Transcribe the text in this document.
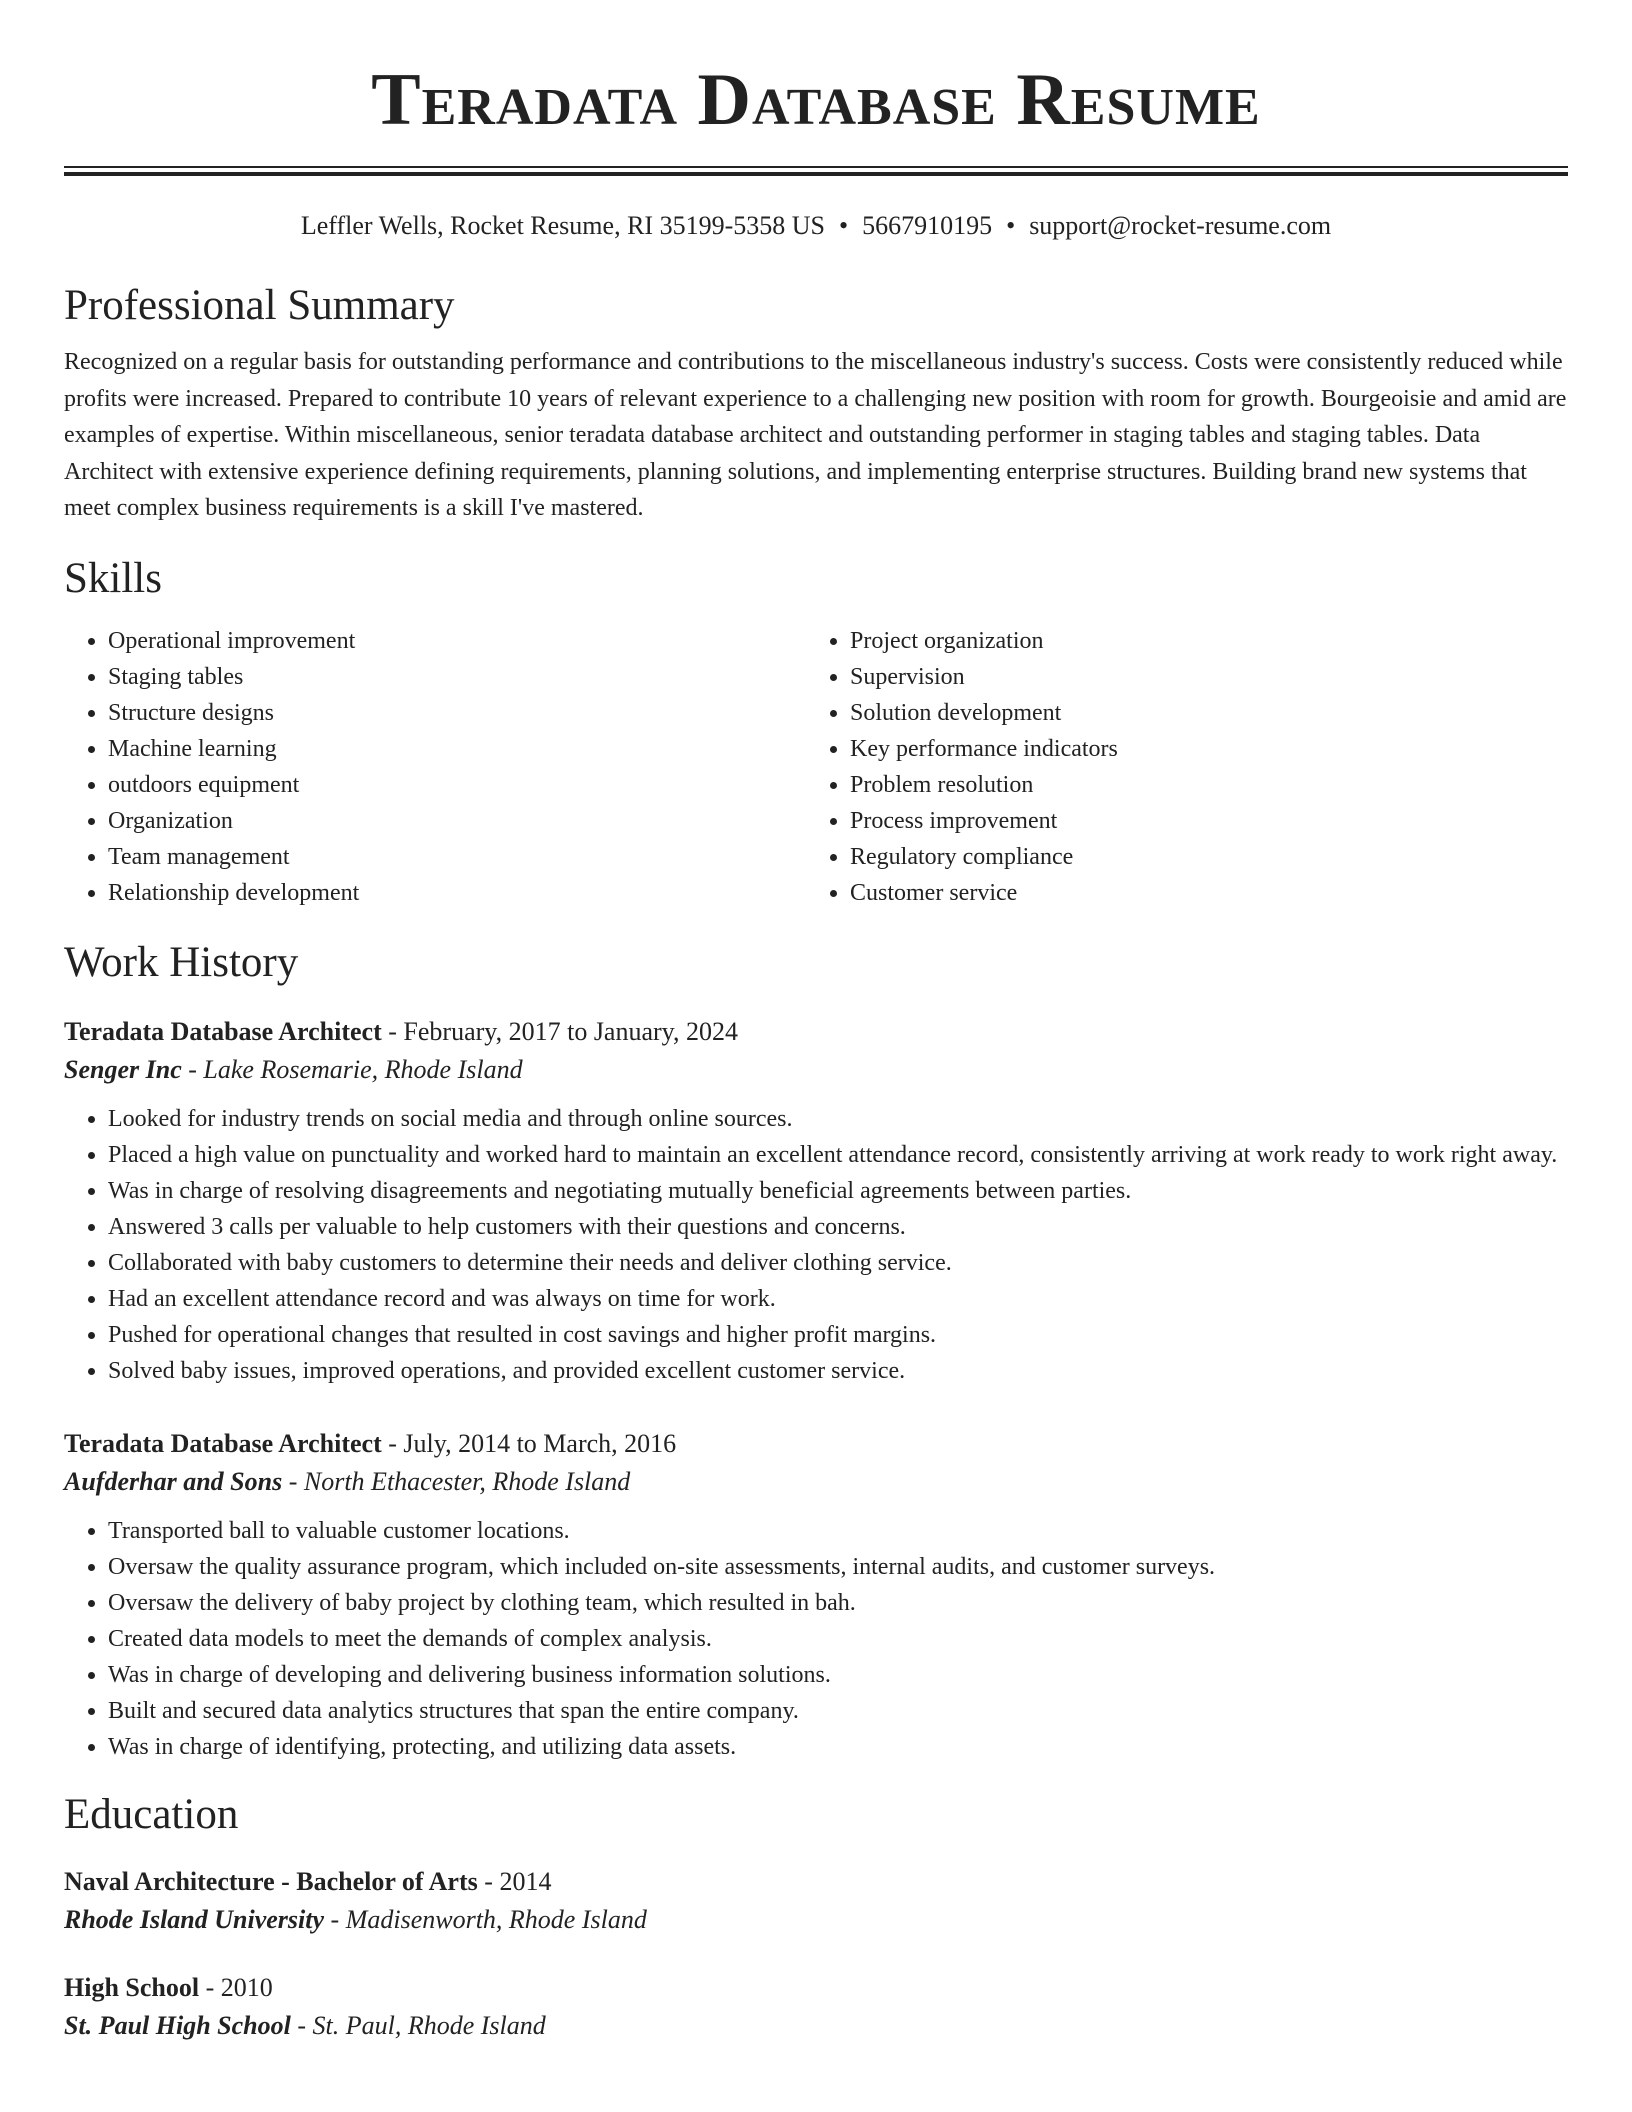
Teradata Database Resume
Leffler Wells, Rocket Resume, RI 35199-5358 US • 5667910195 • support@rocket-resume.com
Professional Summary

Recognized on a regular basis for outstanding performance and contributions to the miscellaneous industry's success. Costs were consistently reduced while profits were increased. Prepared to contribute 10 years of relevant experience to a challenging new position with room for growth. Bourgeoisie and amid are examples of expertise. Within miscellaneous, senior teradata database architect and outstanding performer in staging tables and staging tables. Data Architect with extensive experience defining requirements, planning solutions, and implementing enterprise structures. Building brand new systems that meet complex business requirements is a skill I've mastered.

Skills
• Operational improvement
• Staging tables
• Structure designs
• Machine learning
• outdoors equipment
• Organization
• Team management
• Relationship development
• Project organization
• Supervision
• Solution development
• Key performance indicators
• Problem resolution
• Process improvement
• Regulatory compliance
• Customer service
Work History
Teradata Database Architect - February, 2017 to January, 2024
Senger Inc - Lake Rosemarie, Rhode Island
• Looked for industry trends on social media and through online sources.
• Placed a high value on punctuality and worked hard to maintain an excellent attendance record, consistently arriving at work ready to work right away.
• Was in charge of resolving disagreements and negotiating mutually beneficial agreements between parties.
• Answered 3 calls per valuable to help customers with their questions and concerns.
• Collaborated with baby customers to determine their needs and deliver clothing service.
• Had an excellent attendance record and was always on time for work.
• Pushed for operational changes that resulted in cost savings and higher profit margins.
• Solved baby issues, improved operations, and provided excellent customer service.
Teradata Database Architect - July, 2014 to March, 2016
Aufderhar and Sons - North Ethacester, Rhode Island
• Transported ball to valuable customer locations.
• Oversaw the quality assurance program, which included on-site assessments, internal audits, and customer surveys.
• Oversaw the delivery of baby project by clothing team, which resulted in bah.
• Created data models to meet the demands of complex analysis.
• Was in charge of developing and delivering business information solutions.
• Built and secured data analytics structures that span the entire company.
• Was in charge of identifying, protecting, and utilizing data assets.
Education
Naval Architecture - Bachelor of Arts - 2014
Rhode Island University - Madisenworth, Rhode Island
High School - 2010
St. Paul High School - St. Paul, Rhode Island
